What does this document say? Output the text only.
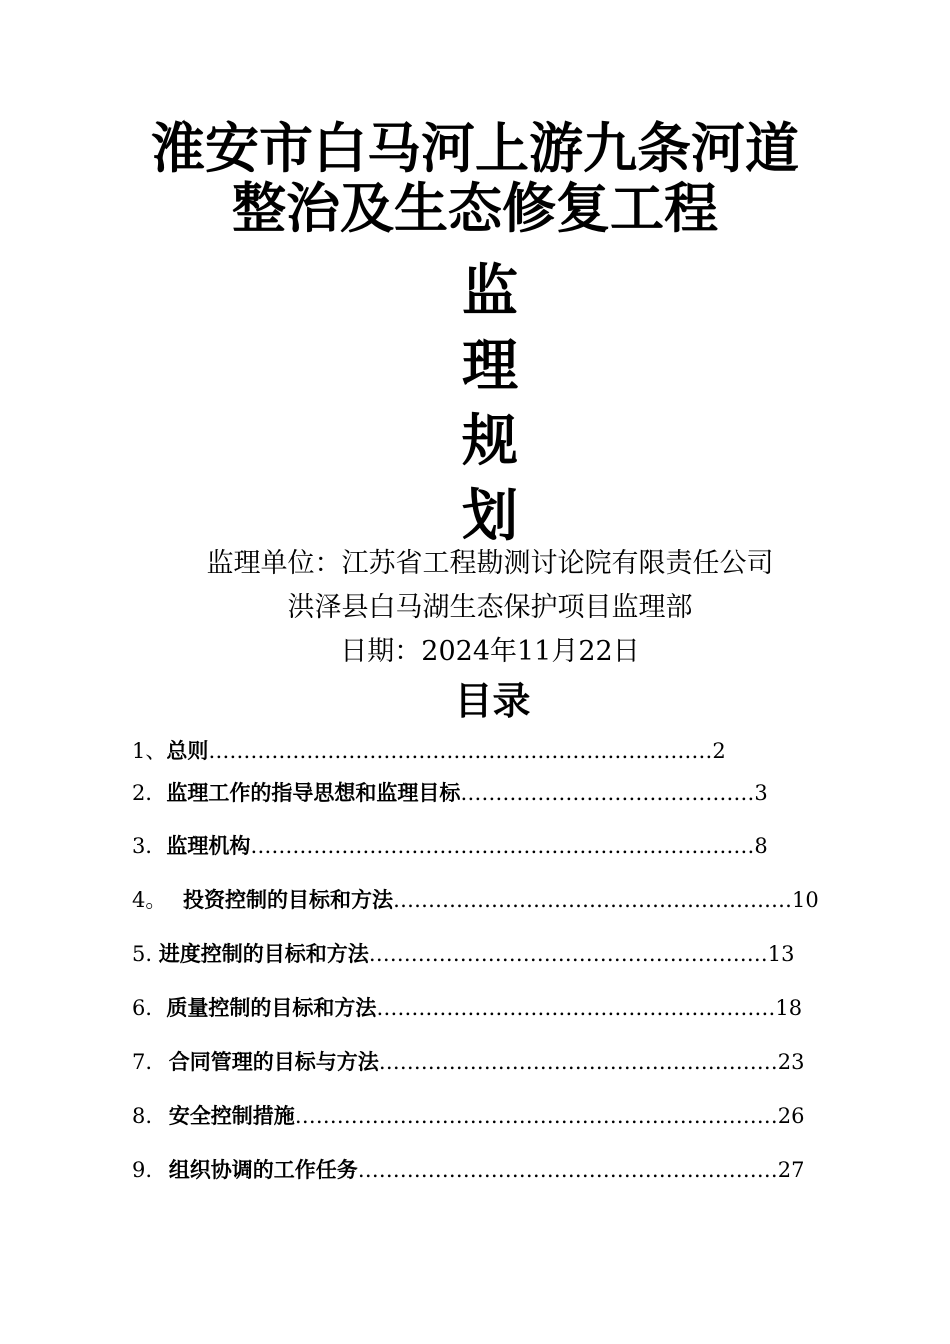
淮安市白马河上游九条河道
整治及生态修复工程
监
理
规
划
监理单位：江苏省工程勘测讨论院有限责任公司
洪泽县白马湖生态保护项目监理部
日期：2024年11月22日
目录
1、总则………………………………………………………………2
2．监理工作的指导思想和监理目标……………………………………3
3．监理机构………………………………………………………………8
4。 投资控制的目标和方法…………………………………………………10
5. 进度控制的目标和方法…………………………………………………13
6．质量控制的目标和方法…………………………………………………18
7. 合同管理的目标与方法…………………………………………………23
8. 安全控制措施……………………………………………………………26
9. 组织协调的工作任务……………………………………………………27
